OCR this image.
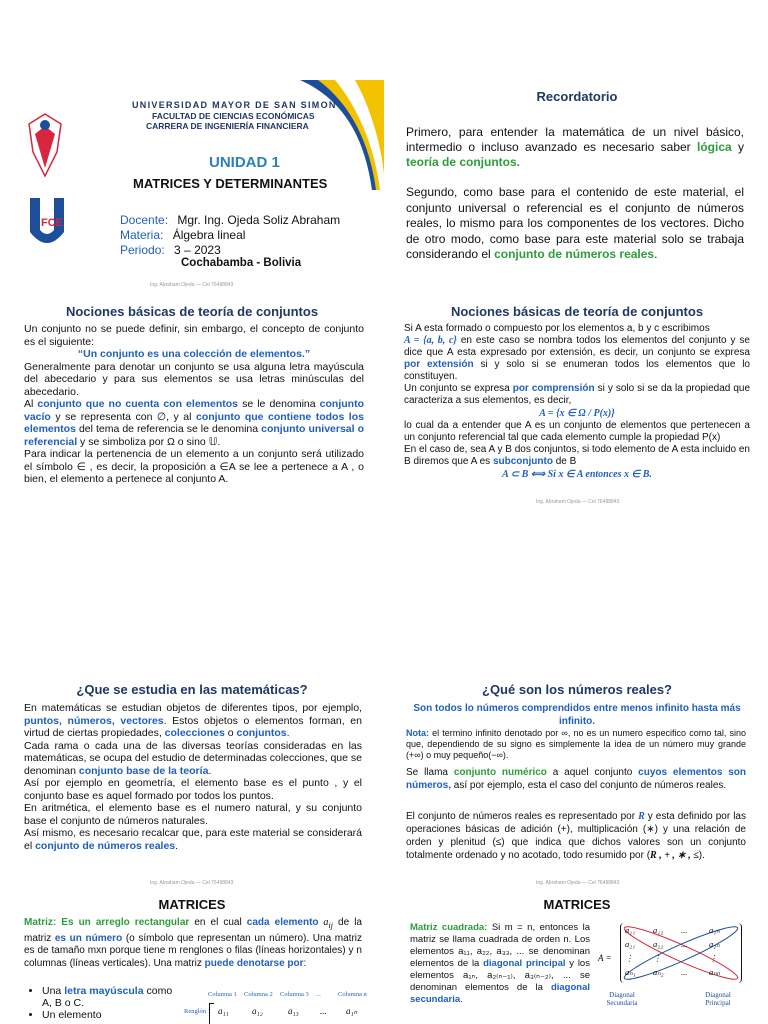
FCE
UNIVERSIDAD MAYOR DE SAN SIMON
FACULTAD DE CIENCIAS ECONÓMICAS
CARRERA DE INGENIERÍA FINANCIERA
UNIDAD 1
MATRICES Y DETERMINANTES
Docente: Mgr. Ing. Ojeda Soliz Abraham
Materia: Álgebra lineal
Periodo: 3 – 2023
Cochabamba - Bolivia
Ing. Abraham Ojeda — Cel 76498843
Recordatorio

Primero, para entender la matemática de un nivel básico, intermedio o incluso avanzado es necesario saber lógica y teoría de conjuntos.

Segundo, como base para el contenido de este material, el conjunto universal o referencial es el conjunto de números reales, lo mismo para los componentes de los vectores. Dicho de otro modo, como base para este material solo se trabaja considerando el conjunto de números reales.

Nociones básicas de teoría de conjuntos

Un conjunto no se puede definir, sin embargo, el concepto de conjunto es el siguiente:

“Un conjunto es una colección de elementos.”

Generalmente para denotar un conjunto se usa alguna letra mayúscula del abecedario y para sus elementos se usa letras minúsculas del abecedario.

Al conjunto que no cuenta con elementos se le denomina conjunto vacío y se representa con ∅, y al conjunto que contiene todos los elementos del tema de referencia se le denomina conjunto universal o referencial y se simboliza por Ω o sino 𝕌.

Para indicar la pertenencia de un elemento a un conjunto será utilizado el símbolo ∈ , es decir, la proposición a ∈A se lee a pertenece a A , o bien, el elemento a pertenece al conjunto A.

Nociones básicas de teoría de conjuntos

Si A esta formado o compuesto por los elementos a, b y c escribimos

A = {a, b, c} en este caso se nombra todos los elementos del conjunto y se dice que A esta expresado por extensión, es decir, un conjunto se expresa por extensión si y solo si se enumeran todos los elementos que lo constituyen.

Un conjunto se expresa por comprensión si y solo si se da la propiedad que caracteriza a sus elementos, es decir,

A = {x ∈ Ω / P(x)}

lo cual da a entender que A es un conjunto de elementos que pertenecen a un conjunto referencial tal que cada elemento cumple la propiedad P(x)

En el caso de, sea A y B dos conjuntos, si todo elemento de A esta incluido en B diremos que A es subconjunto de B

A ⊂ B ⟺ Si x ∈ A entonces x ∈ B.

Ing. Abraham Ojeda — Cel 76498843
¿Que se estudia en las matemáticas?

En matemáticas se estudian objetos de diferentes tipos, por ejemplo, puntos, números, vectores. Estos objetos o elementos forman, en virtud de ciertas propiedades, colecciones o conjuntos.

Cada rama o cada una de las diversas teorías consideradas en las matemáticas, se ocupa del estudio de determinadas colecciones, que se denominan conjunto base de la teoría.

Así por ejemplo en geometría, el elemento base es el punto , y el conjunto base es aquel formado por todos los puntos.

En aritmética, el elemento base es el numero natural, y su conjunto base el conjunto de números naturales.

Así mismo, es necesario recalcar que, para este material se considerará el conjunto de números reales.

Ing. Abraham Ojeda — Cel 76498843
¿Qué son los números reales?

Son todos lo números comprendidos entre menos infinito hasta más infinito.

Nota: el termino infinito denotado por ∞, no es un numero especifico como tal, sino que, dependiendo de su signo es simplemente la idea de un número muy grande (+∞) o muy pequeño(−∞).

Se llama conjunto numérico a aquel conjunto cuyos elementos son números, así por ejemplo, esta el caso del conjunto de números reales.

El conjunto de números reales es representado por R y esta definido por las operaciones básicas de adición (+), multiplicación (∗) y una relación de orden y plenitud (≤) que indica que dichos valores son un conjunto totalmente ordenado y no acotado, todo resumido por (R , + , ∗ , ≤).

Ing. Abraham Ojeda — Cel 76498843
MATRICES

Matriz: Es un arreglo rectangular en el cual cada elemento $a_{ij}$ de la matriz es un número (o símbolo que representan un número). Una matriz es de tamaño mxn porque tiene m renglones o filas (líneas horizontales) y n columnas (líneas verticales). Una matriz puede denotarse por:

• Una letra mayúscula como
A, B o C.
• Un elemento
Columna 1 Columna 2 Columna 3 ...	Columna n
Renglón 1 a₁₁	a₁₂	a₁₃ ... a₁ₙ
MATRICES

Matriz cuadrada: Si m = n, entonces la matriz se llama cuadrada de orden n. Los elementos a₁₁, a₂₂, a₃₃, ... se denominan elementos de la diagonal principal y los elementos a₁ₙ, a₂₍ₙ₋₁₎, a₃₍ₙ₋₂₎, ... se denominan elementos de la diagonal secundaria.

A =
a₁₁	a₁₂	...	a₁ₙ
a₂₁	a₂₂	...	a₂ₙ
⋮	⋮	⋮
aₙ₁	aₙ₂	...	aₙₙ
Diagonal Secundaria
Diagonal Principal
